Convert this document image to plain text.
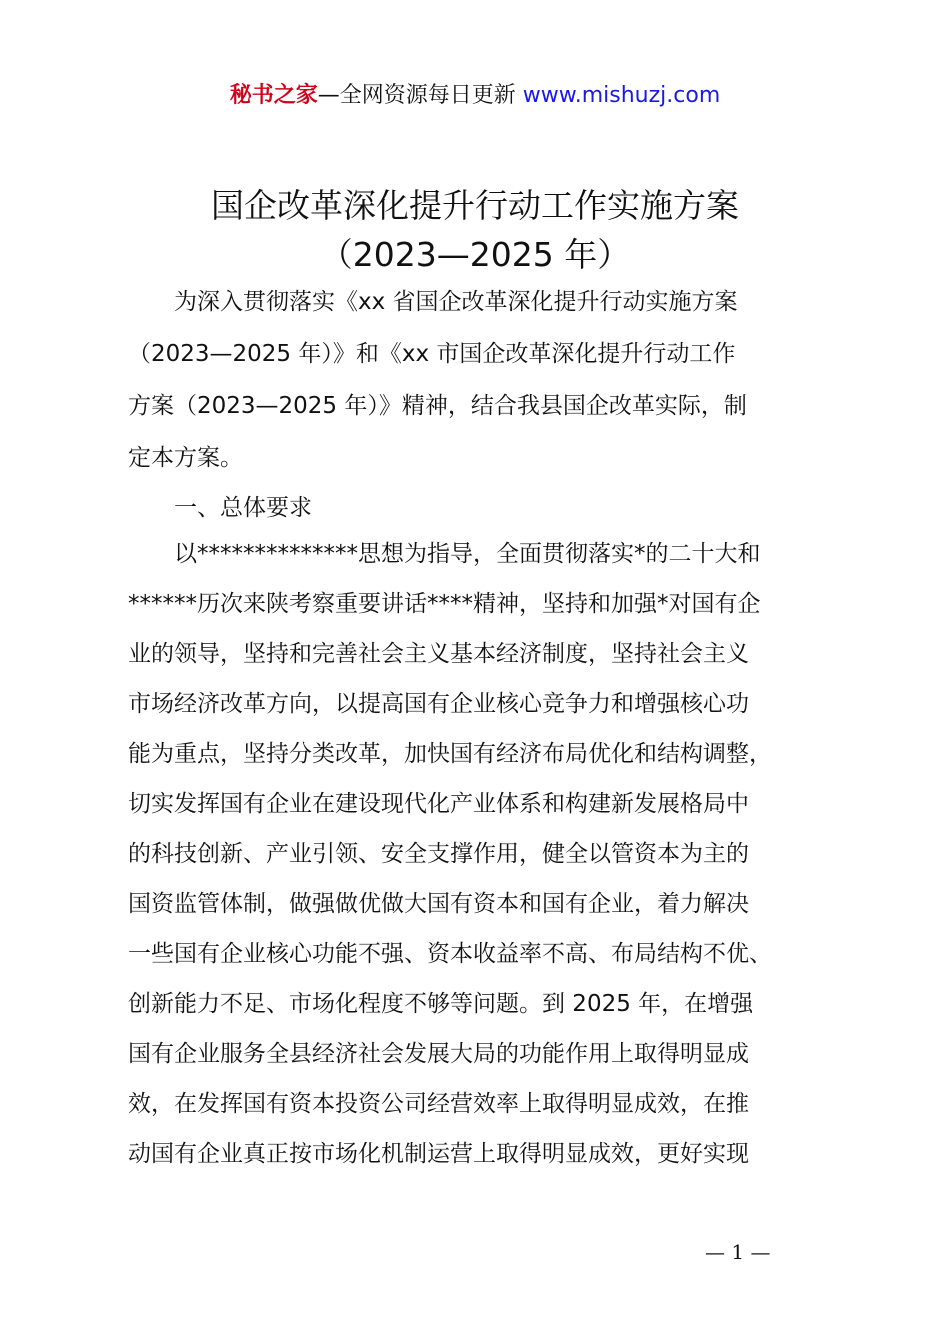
秘书之家—全网资源每日更新 www.mishuzj.com
国企改革深化提升行动工作实施方案
（2023—2025 年）
　　为深入贯彻落实《xx 省国企改革深化提升行动实施方案
（2023—2025 年）》和《xx 市国企改革深化提升行动工作
方案（2023—2025 年）》精神，结合我县国企改革实际，制
定本方案。
　　一、总体要求
　　以**************思想为指导，全面贯彻落实*的二十大和
******历次来陕考察重要讲话****精神，坚持和加强*对国有企
业的领导，坚持和完善社会主义基本经济制度，坚持社会主义
市场经济改革方向，以提高国有企业核心竞争力和增强核心功
能为重点，坚持分类改革，加快国有经济布局优化和结构调整，
切实发挥国有企业在建设现代化产业体系和构建新发展格局中
的科技创新、产业引领、安全支撑作用，健全以管资本为主的
国资监管体制，做强做优做大国有资本和国有企业，着力解决
一些国有企业核心功能不强、资本收益率不高、布局结构不优、
创新能力不足、市场化程度不够等问题。到 2025 年，在增强
国有企业服务全县经济社会发展大局的功能作用上取得明显成
效，在发挥国有资本投资公司经营效率上取得明显成效，在推
动国有企业真正按市场化机制运营上取得明显成效，更好实现
— 1 —
